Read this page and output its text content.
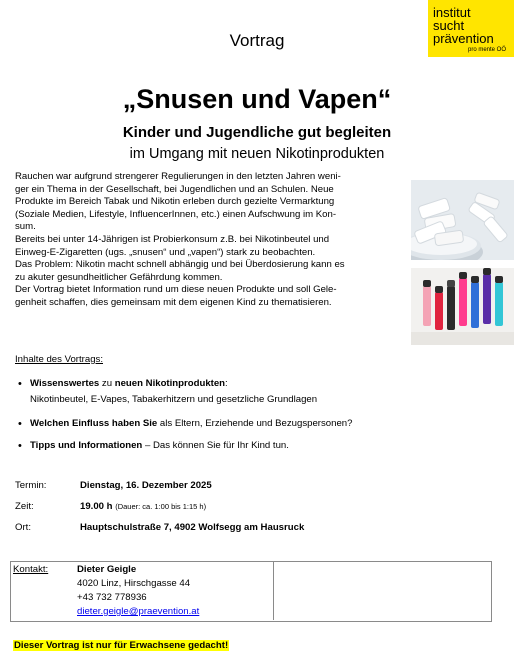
institut
sucht
prävention
pro mente OÖ
Vortrag
„Snusen und Vapen“
Kinder und Jugendliche gut begleiten
im Umgang mit neuen Nikotinprodukten

Rauchen war aufgrund strengerer Regulierungen in den letzten Jahren weni-

ger ein Thema in der Gesellschaft, bei Jugendlichen und an Schulen. Neue

Produkte im Bereich Tabak und Nikotin erleben durch gezielte Vermarktung

(Soziale Medien, Lifestyle, InfluencerInnen, etc.) einen Aufschwung im Kon-

sum.

Bereits bei unter 14-Jährigen ist Probierkonsum z.B. bei Nikotinbeutel und

Einweg-E-Zigaretten (ugs. „snusen“ und „vapen“) stark zu beobachten.

Das Problem: Nikotin macht schnell abhängig und bei Überdosierung kann es

zu akuter gesundheitlicher Gefährdung kommen.

Der Vortrag bietet Information rund um diese neuen Produkte und soll Gele-

genheit schaffen, dies gemeinsam mit dem eigenen Kind zu thematisieren.

Inhalte des Vortrags:
• Wissenswertes zu neuen Nikotinprodukten:
Nikotinbeutel, E-Vapes, Tabakerhitzern und gesetzliche Grundlagen
• Welchen Einfluss haben Sie als Eltern, Erziehende und Bezugspersonen?
• Tipps und Informationen – Das können Sie für Ihr Kind tun.
Termin:	Dienstag, 16. Dezember 2025
Zeit:	19.00 h (Dauer: ca. 1:00 bis 1:15 h)
Ort:	Hauptschulstraße 7, 4902 Wolfsegg am Hausruck
Kontakt:	Dieter Geigle
4020 Linz, Hirschgasse 44
+43 732 778936
dieter.geigle@praevention.at
Dieser Vortrag ist nur für Erwachsene gedacht!
